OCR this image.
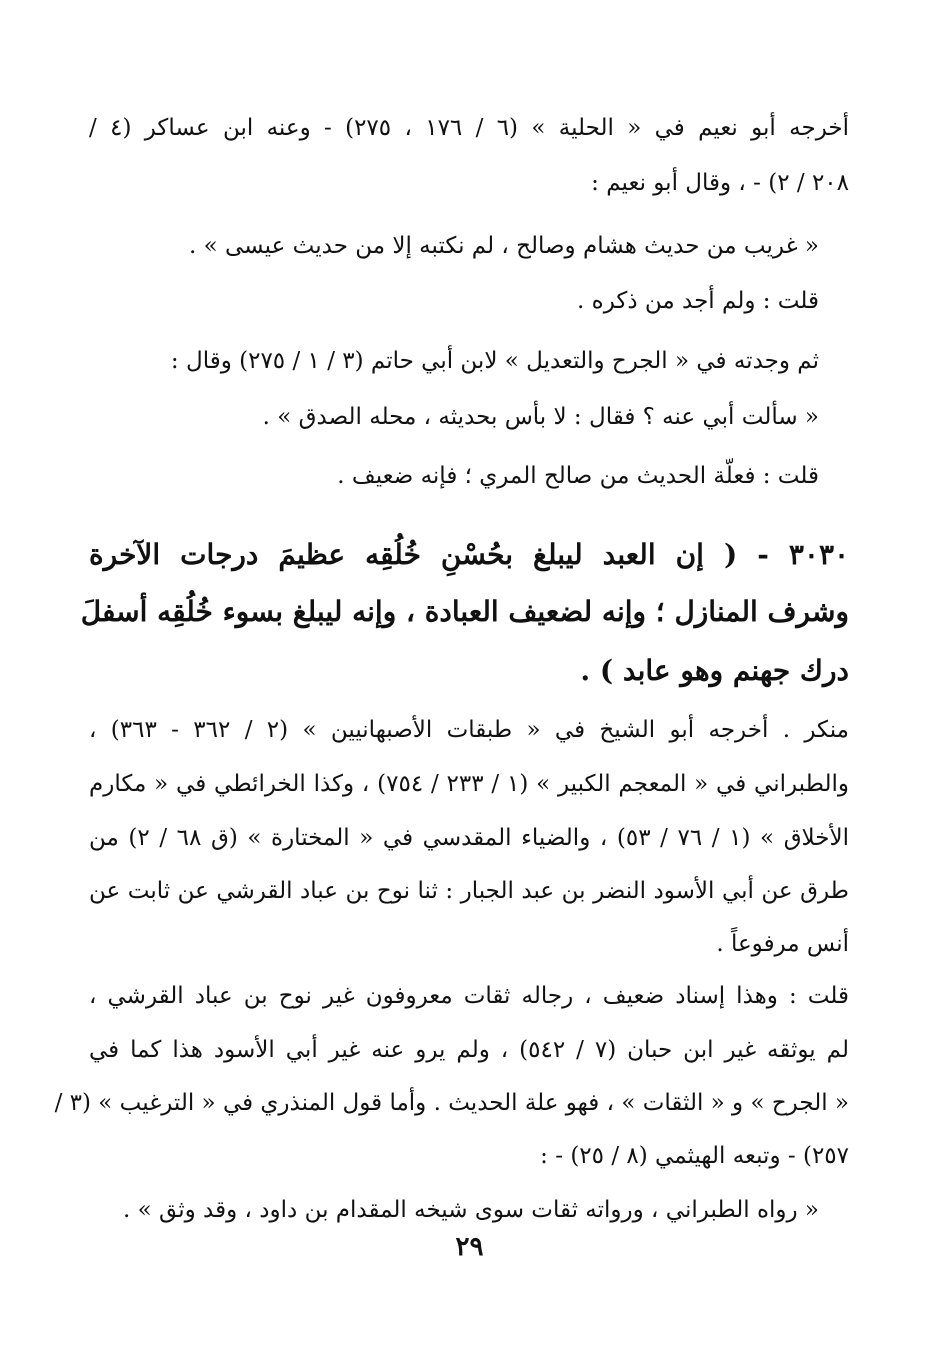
أخرجه أبو نعيم في « الحلية » (٦ / ١٧٦ ، ٢٧٥) - وعنه ابن عساكر (٤ /
٢٠٨ / ٢) - ، وقال أبو نعيم :
« غريب من حديث هشام وصالح ، لم نكتبه إلا من حديث عيسى » .
قلت : ولم أجد من ذكره .
ثم وجدته في « الجرح والتعديل » لابن أبي حاتم (٣ / ١ / ٢٧٥) وقال :
« سألت أبي عنه ؟ فقال : لا بأس بحديثه ، محله الصدق » .
قلت : فعلّة الحديث من صالح المري ؛ فإنه ضعيف .
٣٠٣٠ - ( إن العبد ليبلغ بحُسْنِ خُلُقِه عظيمَ درجات الآخرة
وشرف المنازل ؛ وإنه لضعيف العبادة ، وإنه ليبلغ بسوء خُلُقِه أسفلَ
درك جهنم وهو عابد ) .
منكر . أخرجه أبو الشيخ في « طبقات الأصبهانيين » (٢ / ٣٦٢ - ٣٦٣) ،
والطبراني في « المعجم الكبير » (١ / ٢٣٣ / ٧٥٤) ، وكذا الخرائطي في « مكارم
الأخلاق » (١ / ٧٦ / ٥٣) ، والضياء المقدسي في « المختارة » (ق ٦٨ / ٢) من
طرق عن أبي الأسود النضر بن عبد الجبار : ثنا نوح بن عباد القرشي عن ثابت عن
أنس مرفوعاً .
قلت : وهذا إسناد ضعيف ، رجاله ثقات معروفون غير نوح بن عباد القرشي ،
لم يوثقه غير ابن حبان (٧ / ٥٤٢) ، ولم يرو عنه غير أبي الأسود هذا كما في
« الجرح » و « الثقات » ، فهو علة الحديث . وأما قول المنذري في « الترغيب » (٣ /
٢٥٧) - وتبعه الهيثمي (٨ / ٢٥) - :
« رواه الطبراني ، ورواته ثقات سوى شيخه المقدام بن داود ، وقد وثق » .
٢٩
